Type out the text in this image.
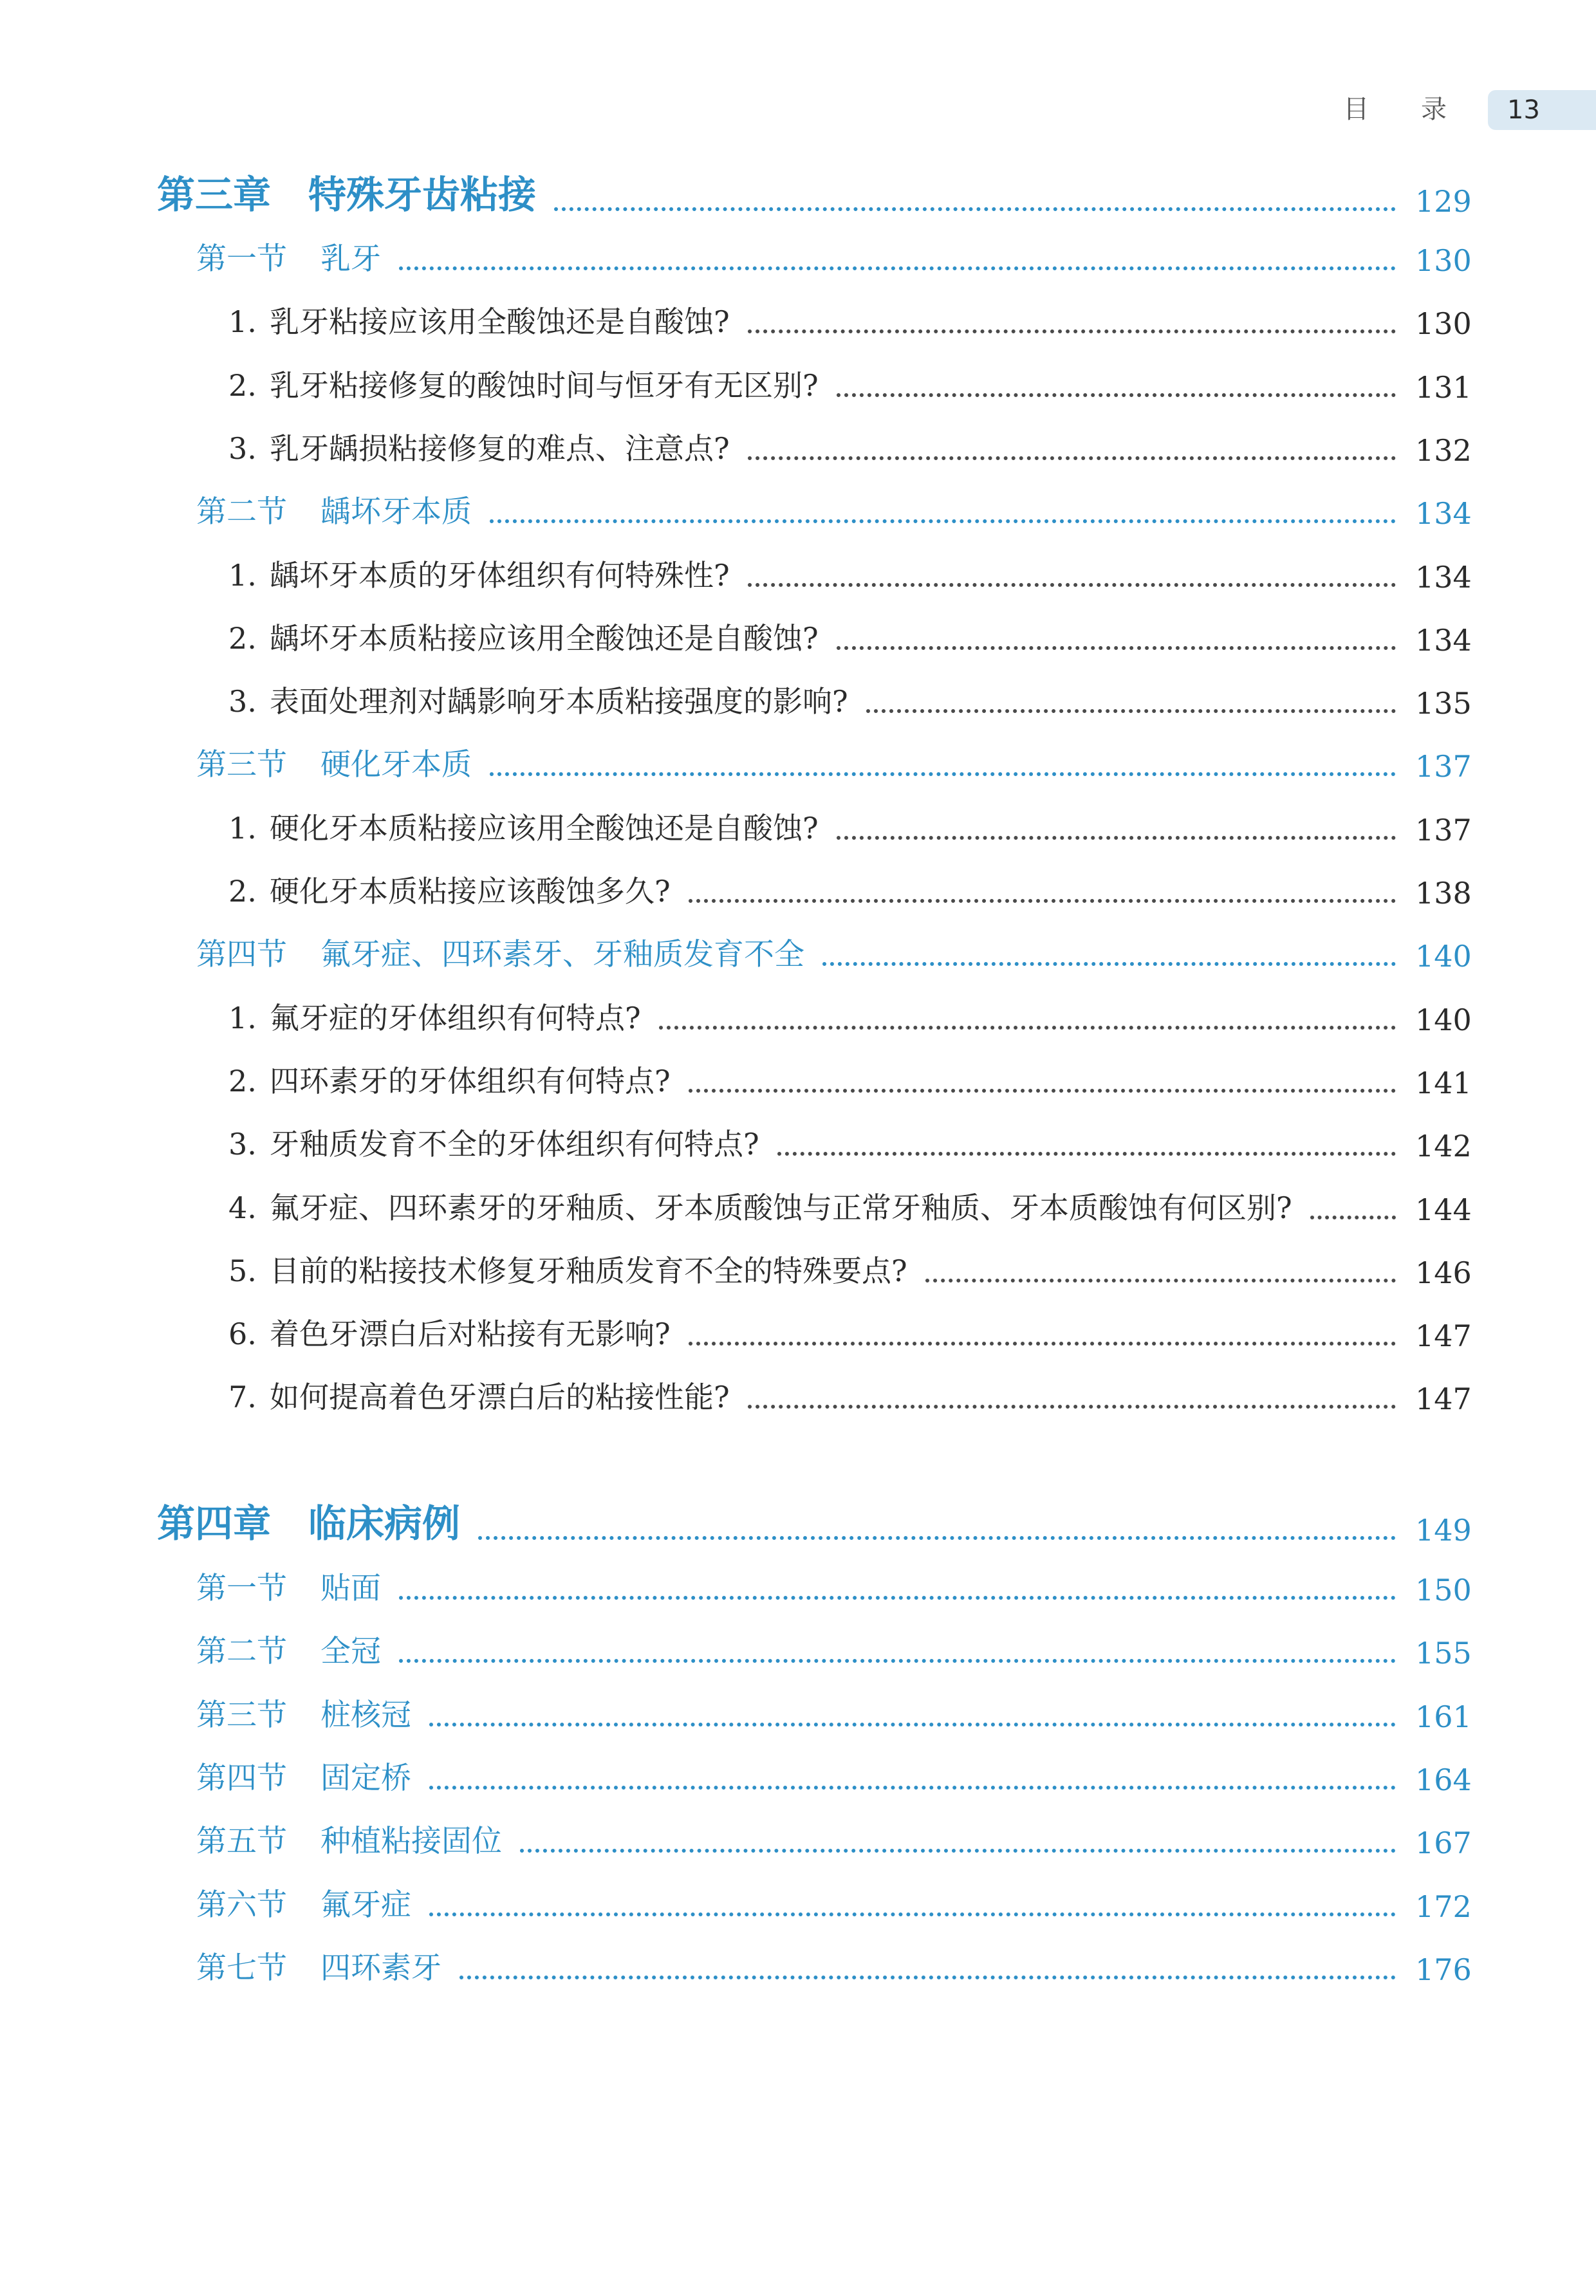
目 录 13
第三章 特殊牙齿粘接	129
第一节 乳牙	130
1. 乳牙粘接应该用全酸蚀还是自酸蚀?	130
2. 乳牙粘接修复的酸蚀时间与恒牙有无区别?	131
3. 乳牙龋损粘接修复的难点、注意点?	132
第二节 龋坏牙本质	134
1. 龋坏牙本质的牙体组织有何特殊性?	134
2. 龋坏牙本质粘接应该用全酸蚀还是自酸蚀?	134
3. 表面处理剂对龋影响牙本质粘接强度的影响?	135
第三节 硬化牙本质	137
1. 硬化牙本质粘接应该用全酸蚀还是自酸蚀?	137
2. 硬化牙本质粘接应该酸蚀多久?	138
第四节 氟牙症、四环素牙、牙釉质发育不全	140
1. 氟牙症的牙体组织有何特点?	140
2. 四环素牙的牙体组织有何特点?	141
3. 牙釉质发育不全的牙体组织有何特点?	142
4. 氟牙症、四环素牙的牙釉质、牙本质酸蚀与正常牙釉质、牙本质酸蚀有何区别?	144
5. 目前的粘接技术修复牙釉质发育不全的特殊要点?	146
6. 着色牙漂白后对粘接有无影响?	147
7. 如何提高着色牙漂白后的粘接性能?	147
第四章 临床病例	149
第一节 贴面	150
第二节 全冠	155
第三节 桩核冠	161
第四节 固定桥	164
第五节 种植粘接固位	167
第六节 氟牙症	172
第七节 四环素牙	176
